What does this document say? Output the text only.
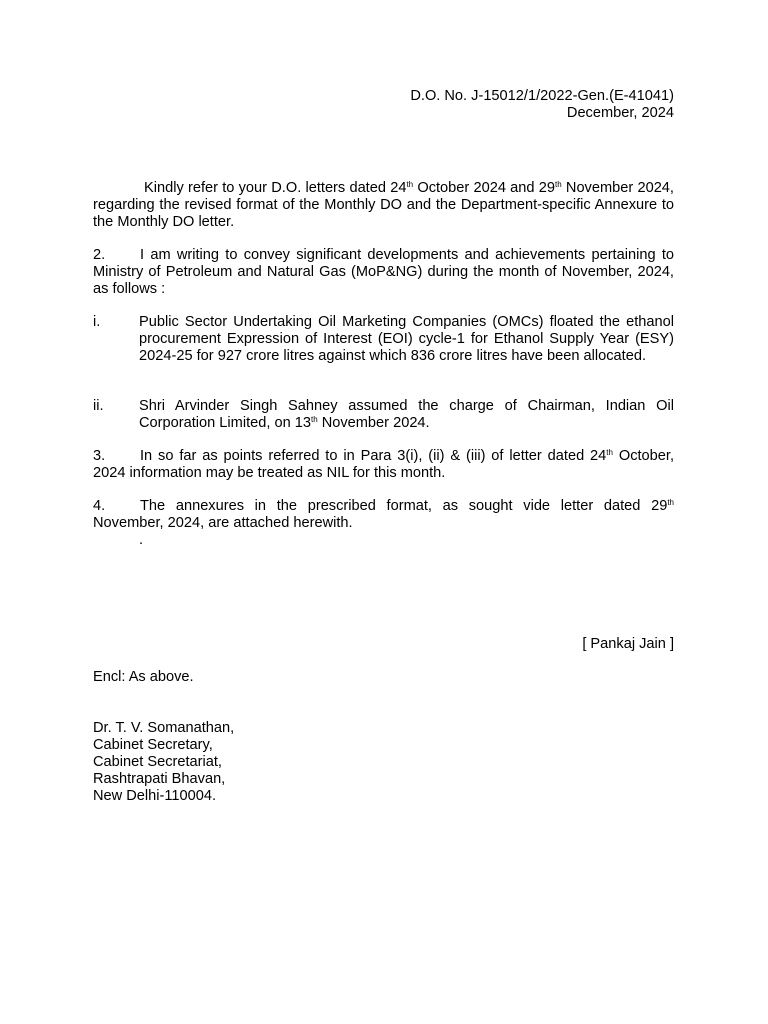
D.O. No. J-15012/1/2022-Gen.(E-41041)
December, 2024
Kindly refer to your D.O. letters dated 24th October 2024 and 29th November 2024, regarding the revised format of the Monthly DO and the Department-specific Annexure to the Monthly DO letter.
2. I am writing to convey significant developments and achievements pertaining to Ministry of Petroleum and Natural Gas (MoP&NG) during the month of November, 2024, as follows :
i.	Public Sector Undertaking Oil Marketing Companies (OMCs) floated the ethanol procurement Expression of Interest (EOI) cycle-1 for Ethanol Supply Year (ESY) 2024-25 for 927 crore litres against which 836 crore litres have been allocated.
ii. Shri Arvinder Singh Sahney assumed the charge of Chairman, Indian Oil Corporation Limited, on 13th November 2024.
3. In so far as points referred to in Para 3(i), (ii) & (iii) of letter dated 24th October, 2024 information may be treated as NIL for this month.
4. The annexures in the prescribed format, as sought vide letter dated 29th November, 2024, are attached herewith.
.
[ Pankaj Jain ]
Encl: As above.
Dr. T. V. Somanathan,
Cabinet Secretary,
Cabinet Secretariat,
Rashtrapati Bhavan,
New Delhi-110004.
